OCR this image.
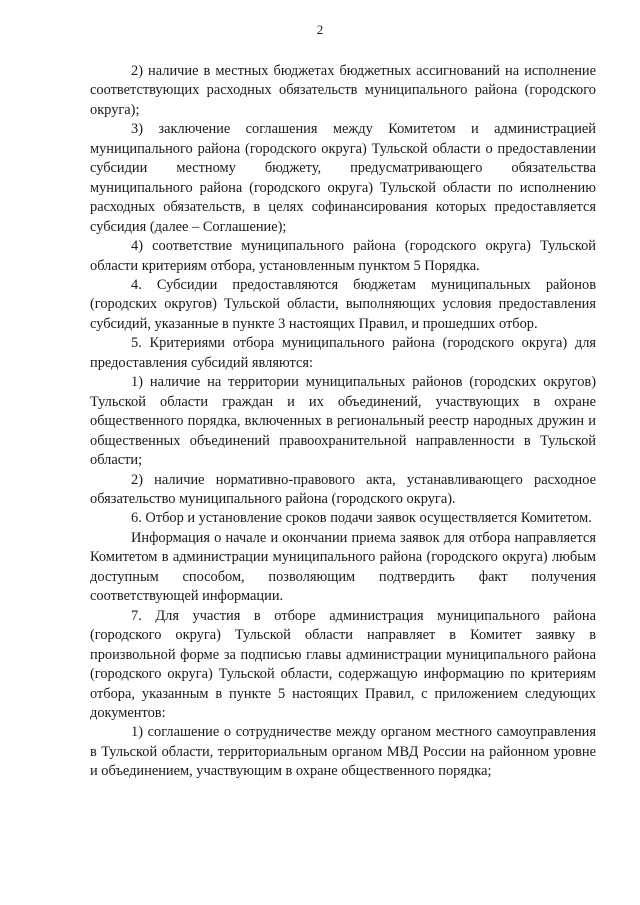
2

2) наличие в местных бюджетах бюджетных ассигнований на исполнение соответствующих расходных обязательств муниципального района (городского округа);

3) заключение соглашения между Комитетом и администрацией муниципального района (городского округа) Тульской области о предоставлении субсидии местному бюджету, предусматривающего обязательства муниципального района (городского округа) Тульской области по исполнению расходных обязательств, в целях софинансирования которых предоставляется субсидия (далее – Соглашение);

4) соответствие муниципального района (городского округа) Тульской области критериям отбора, установленным пунктом 5 Порядка.

4. Субсидии предоставляются бюджетам муниципальных районов (городских округов) Тульской области, выполняющих условия предоставления субсидий, указанные в пункте 3 настоящих Правил, и прошедших отбор.

5. Критериями отбора муниципального района (городского округа) для предоставления субсидий являются:

1) наличие на территории муниципальных районов (городских округов) Тульской области граждан и их объединений, участвующих в охране общественного порядка, включенных в региональный реестр народных дружин и общественных объединений правоохранительной направленности в Тульской области;

2) наличие нормативно-правового акта, устанавливающего расходное обязательство муниципального района (городского округа).

6. Отбор и установление сроков подачи заявок осуществляется Комитетом.

Информация о начале и окончании приема заявок для отбора направляется Комитетом в администрации муниципального района (городского округа) любым доступным способом, позволяющим подтвердить факт получения соответствующей информации.

7. Для участия в отборе администрация муниципального района (городского округа) Тульской области направляет в Комитет заявку в произвольной форме за подписью главы администрации муниципального района (городского округа) Тульской области, содержащую информацию по критериям отбора, указанным в пункте 5 настоящих Правил, с приложением следующих документов:

1) соглашение о сотрудничестве между органом местного самоуправления в Тульской области, территориальным органом МВД России на районном уровне и объединением, участвующим в охране общественного порядка;
